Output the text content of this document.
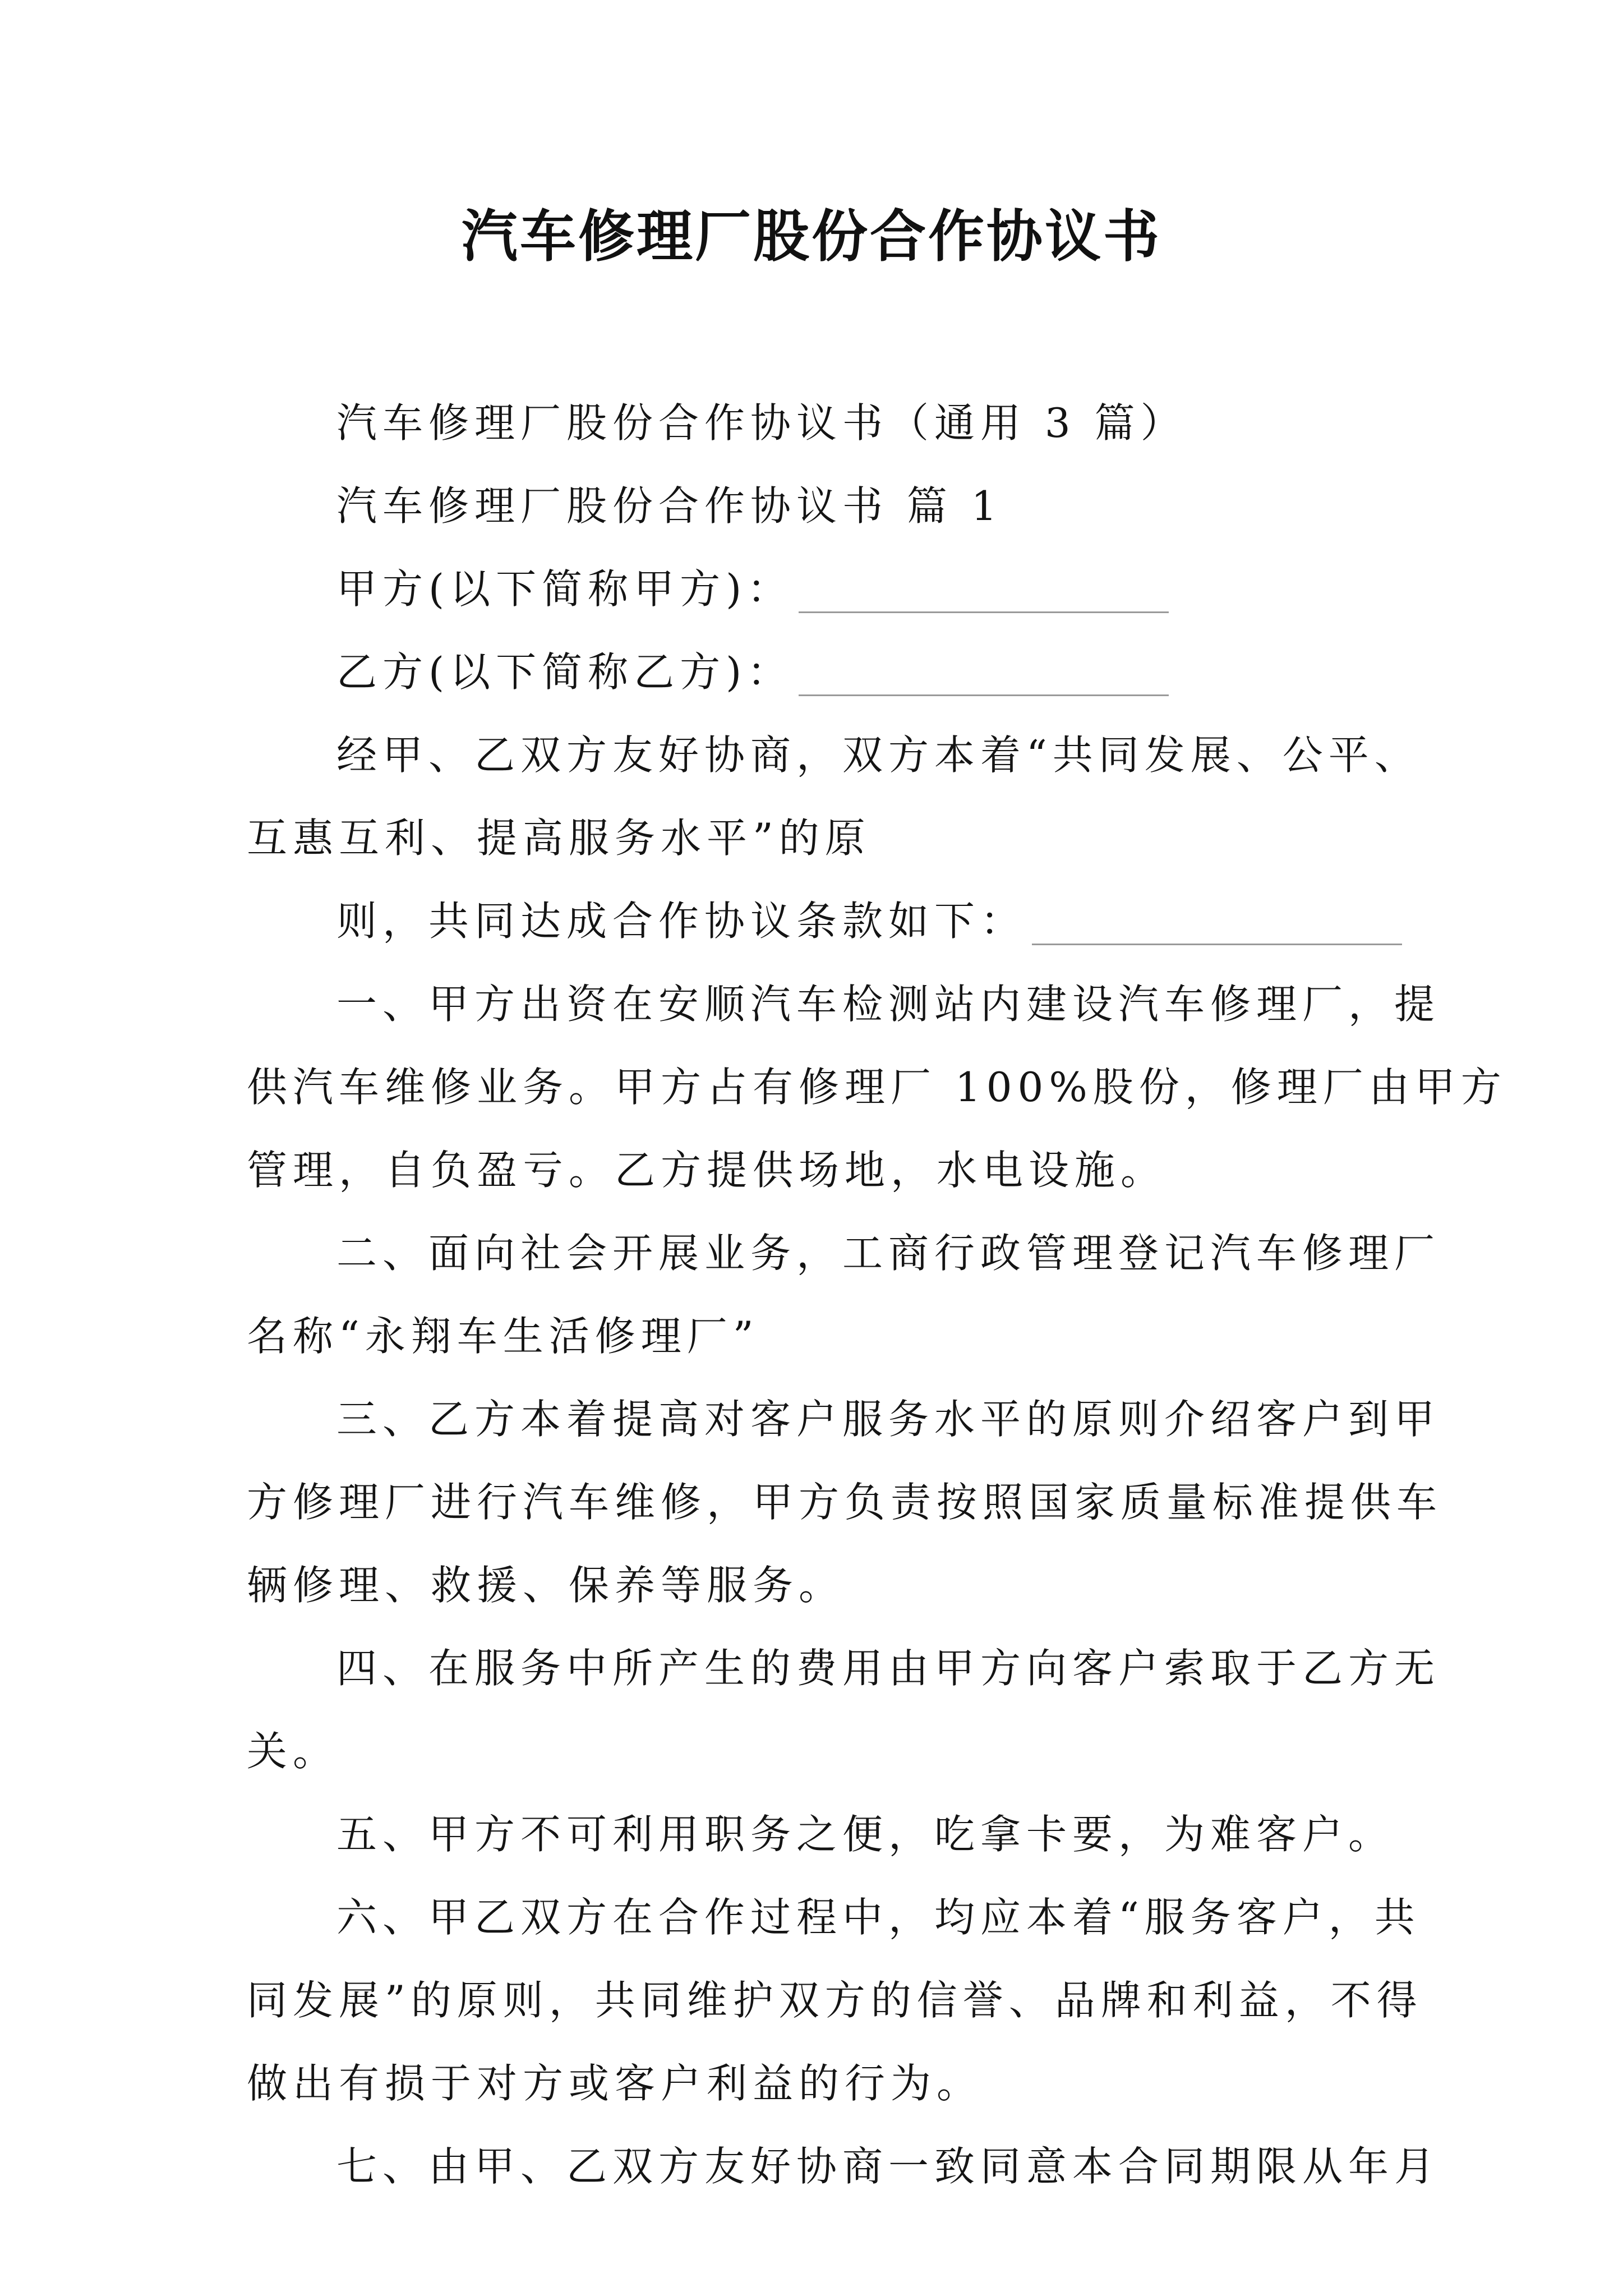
汽车修理厂股份合作协议书

汽车修理厂股份合作协议书（通用 3 篇）

汽车修理厂股份合作协议书 篇 1

甲方(以下简称甲方)：

乙方(以下简称乙方)：

经甲、乙双方友好协商，双方本着“共同发展、公平、

互惠互利、提高服务水平”的原

则，共同达成合作协议条款如下：

一、甲方出资在安顺汽车检测站内建设汽车修理厂，提

供汽车维修业务。甲方占有修理厂 100%股份，修理厂由甲方

管理，自负盈亏。乙方提供场地，水电设施。

二、面向社会开展业务，工商行政管理登记汽车修理厂

名称“永翔车生活修理厂”

三、乙方本着提高对客户服务水平的原则介绍客户到甲

方修理厂进行汽车维修，甲方负责按照国家质量标准提供车

辆修理、救援、保养等服务。

四、在服务中所产生的费用由甲方向客户索取于乙方无

关。

五、甲方不可利用职务之便，吃拿卡要，为难客户。

六、甲乙双方在合作过程中，均应本着“服务客户，共

同发展”的原则，共同维护双方的信誉、品牌和利益，不得

做出有损于对方或客户利益的行为。

七、由甲、乙双方友好协商一致同意本合同期限从年月
